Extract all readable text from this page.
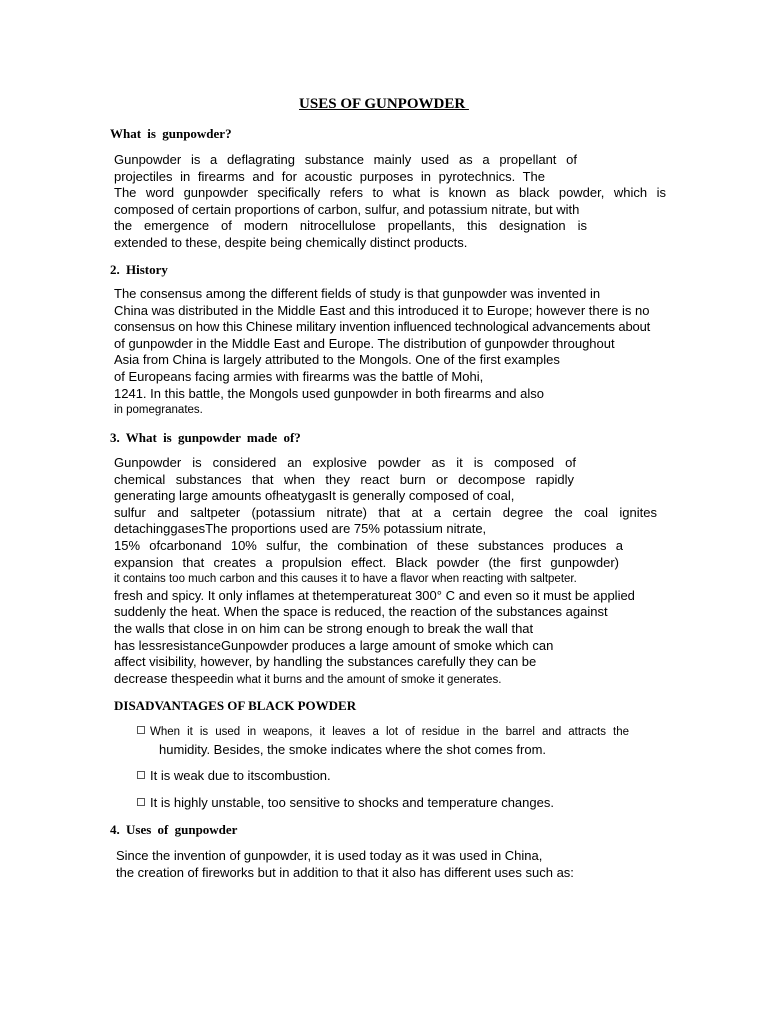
USES OF GUNPOWDER
What is gunpowder?
Gunpowder is a deflagrating substance mainly used as a propellant of
projectiles in firearms and for acoustic purposes in pyrotechnics. The
The word gunpowder specifically refers to what is known as black powder, which is
composed of certain proportions of carbon, sulfur, and potassium nitrate, but with
the emergence of modern nitrocellulose propellants, this designation is
extended to these, despite being chemically distinct products.
2. History
The consensus among the different fields of study is that gunpowder was invented in
China was distributed in the Middle East and this introduced it to Europe; however there is no
consensus on how this Chinese military invention influenced technological advancements about
of gunpowder in the Middle East and Europe. The distribution of gunpowder throughout
Asia from China is largely attributed to the Mongols. One of the first examples
of Europeans facing armies with firearms was the battle of Mohi,
1241. In this battle, the Mongols used gunpowder in both firearms and also
in pomegranates.
3. What is gunpowder made of?
Gunpowder is considered an explosive powder as it is composed of
chemical substances that when they react burn or decompose rapidly
generating large amounts ofheatygasIt is generally composed of coal,
sulfur and saltpeter (potassium nitrate) that at a certain degree the coal ignites
detachinggasesThe proportions used are 75% potassium nitrate,
15% ofcarbonand 10% sulfur, the combination of these substances produces a
expansion that creates a propulsion effect. Black powder (the first gunpowder)
it contains too much carbon and this causes it to have a flavor when reacting with saltpeter.
fresh and spicy. It only inflames at thetemperatureat 300° C and even so it must be applied
suddenly the heat. When the space is reduced, the reaction of the substances against
the walls that close in on him can be strong enough to break the wall that
has lessresistanceGunpowder produces a large amount of smoke which can
affect visibility, however, by handling the substances carefully they can be
decrease thespeedin what it burns and the amount of smoke it generates.
DISADVANTAGES OF BLACK POWDER
When it is used in weapons, it leaves a lot of residue in the barrel and attracts the
humidity. Besides, the smoke indicates where the shot comes from.
It is weak due to itscombustion.
It is highly unstable, too sensitive to shocks and temperature changes.
4. Uses of gunpowder
Since the invention of gunpowder, it is used today as it was used in China,
the creation of fireworks but in addition to that it also has different uses such as:
